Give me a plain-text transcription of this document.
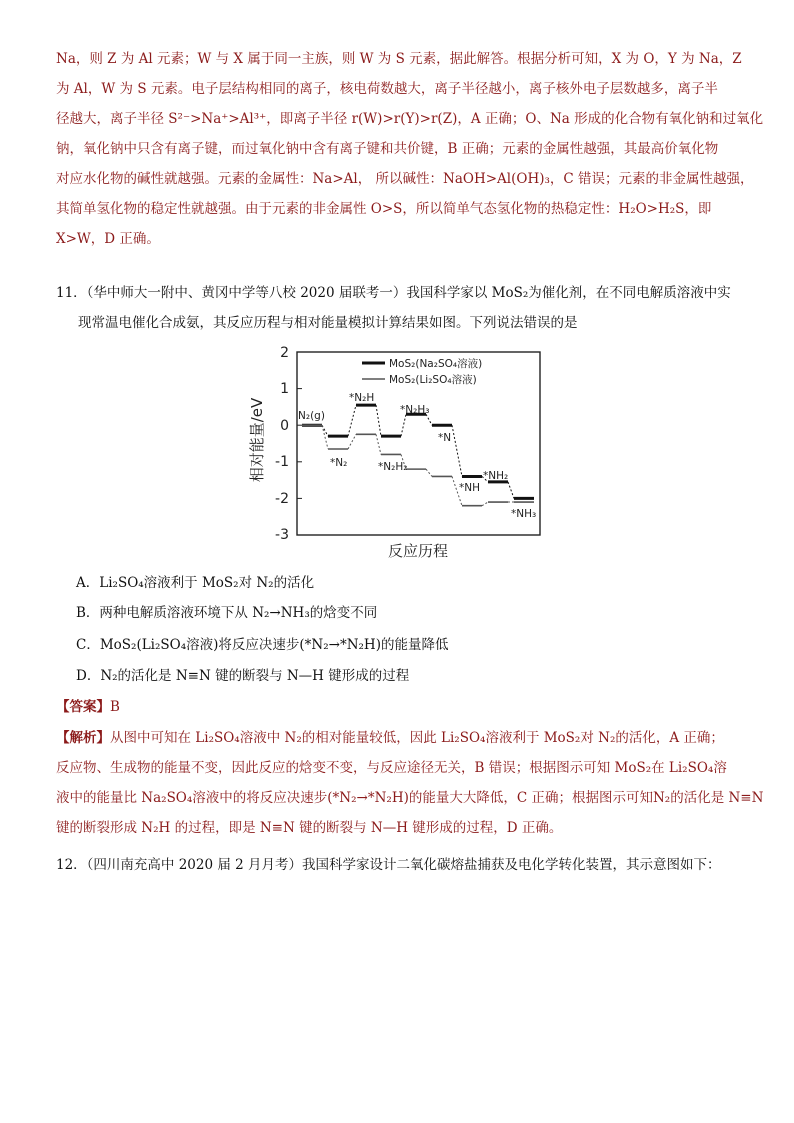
Na，则 Z 为 Al 元素；W 与 X 属于同一主族，则 W 为 S 元素，据此解答。根据分析可知，X 为 O，Y 为 Na，Z
为 Al，W 为 S 元素。电子层结构相同的离子，核电荷数越大，离子半径越小，离子核外电子层数越多，离子半
径越大，离子半径 S²⁻>Na⁺>Al³⁺，即离子半径 r(W)>r(Y)>r(Z)，A 正确；O、Na 形成的化合物有氧化钠和过氧化
钠，氧化钠中只含有离子键，而过氧化钠中含有离子键和共价键，B 正确；元素的金属性越强，其最高价氧化物
对应水化物的碱性就越强。元素的金属性：Na>Al， 所以碱性：NaOH>Al(OH)₃，C 错误；元素的非金属性越强，
其简单氢化物的稳定性就越强。由于元素的非金属性 O>S，所以简单气态氢化物的热稳定性：H₂O>H₂S，即
X>W，D 正确。
11．（华中师大一附中、黄冈中学等八校 2020 届联考一）我国科学家以 MoS₂为催化剂，在不同电解质溶液中实
现常温电催化合成氨，其反应历程与相对能量模拟计算结果如图。下列说法错误的是
相对能量/eV
反应历程
2
1
0
-1
-2
-3
MoS₂(Na₂SO₄溶液)
MoS₂(Li₂SO₄溶液)
N₂(g)
*N₂
*N₂H
*N₂H₂
*N₂H₃
*N
*NH
*NH₂
*NH₃
A．Li₂SO₄溶液利于 MoS₂对 N₂的活化
B．两种电解质溶液环境下从 N₂→NH₃的焓变不同
C．MoS₂(Li₂SO₄溶液)将反应决速步(*N₂→*N₂H)的能量降低
D．N₂的活化是 N≡N 键的断裂与 N—H 键形成的过程
【答案】B
【解析】从图中可知在 Li₂SO₄溶液中 N₂的相对能量较低，因此 Li₂SO₄溶液利于 MoS₂对 N₂的活化，A 正确；
反应物、生成物的能量不变，因此反应的焓变不变，与反应途径无关，B 错误；根据图示可知 MoS₂在 Li₂SO₄溶
液中的能量比 Na₂SO₄溶液中的将反应决速步(*N₂→*N₂H)的能量大大降低，C 正确；根据图示可知N₂的活化是 N≡N
键的断裂形成 N₂H 的过程，即是 N≡N 键的断裂与 N—H 键形成的过程，D 正确。
12．（四川南充高中 2020 届 2 月月考）我国科学家设计二氧化碳熔盐捕获及电化学转化装置，其示意图如下：
